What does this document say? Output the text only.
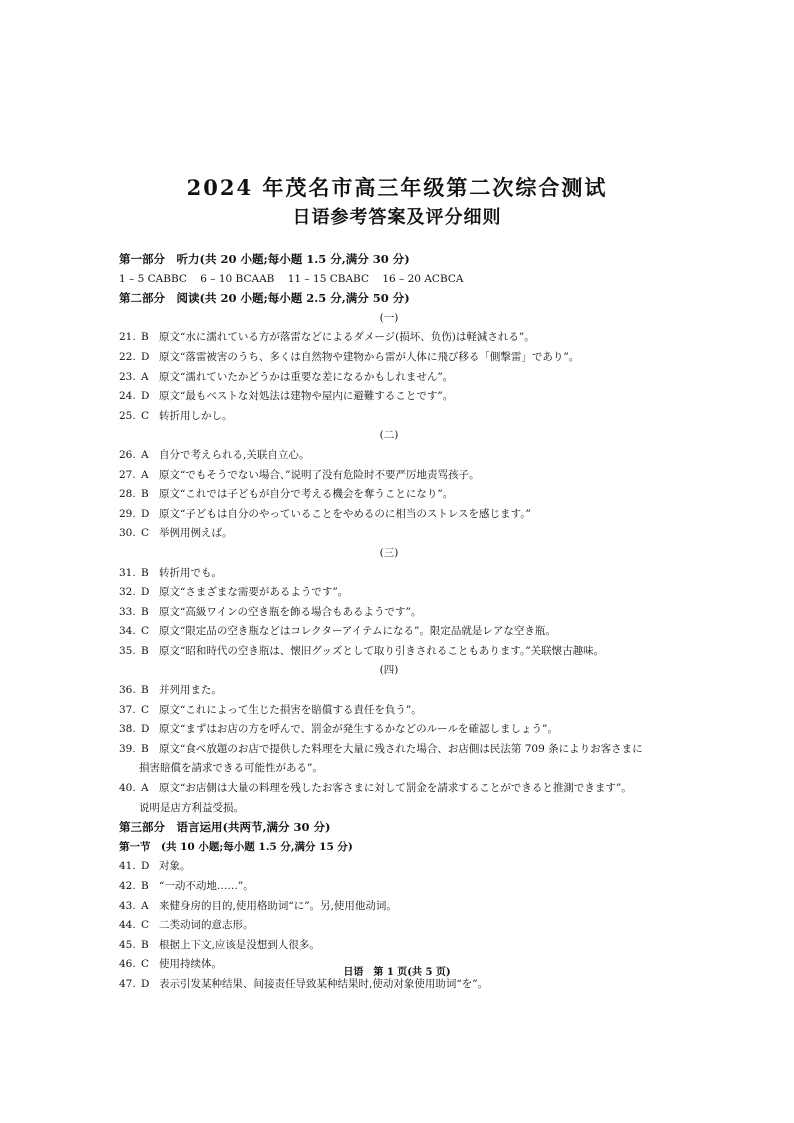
2024 年茂名市高三年级第二次综合测试
日语参考答案及评分细则
第一部分　听力(共 20 小题;每小题 1.5 分,满分 30 分)
1 – 5 CABBC 6 – 10 BCAAB 11 – 15 CBABC 16 – 20 ACBCA
第二部分　阅读(共 20 小题;每小题 2.5 分,满分 50 分)
(一)
21. B 原文“水に濡れている方が落雷などによるダメージ(损坏、负伤)は軽減される”。
22. D 原文“落雷被害のうち、多くは自然物や建物から雷が人体に飛び移る「側撃雷」であり”。
23. A 原文“濡れていたかどうかは重要な差になるかもしれません”。
24. D 原文“最もベストな対処法は建物や屋内に避難することです”。
25. C 转折用しかし。
(二)
26. A 自分で考えられる,关联自立心。
27. A 原文“でもそうでない場合、”说明了没有危险时不要严厉地责骂孩子。
28. B 原文“これでは子どもが自分で考える機会を奪うことになり”。
29. D 原文“子どもは自分のやっていることをやめるのに相当のストレスを感じます。”
30. C 举例用例えば。
(三)
31. B 转折用でも。
32. D 原文“さまざまな需要があるようです”。
33. B 原文“高級ワインの空き瓶を飾る場合もあるようです”。
34. C 原文“限定品の空き瓶などはコレクターアイテムになる”。限定品就是レアな空き瓶。
35. B 原文“昭和時代の空き瓶は、懐旧グッズとして取り引きされることもあります。”关联懐古趣味。
(四)
36. B 并列用また。
37. C 原文“これによって生じた損害を賠償する責任を負う”。
38. D 原文“まずはお店の方を呼んで、罰金が発生するかなどのルールを確認しましょう”。
39. B 原文“食べ放題のお店で提供した料理を大量に残された場合、お店側は民法第 709 条によりお客さまに
損害賠償を請求できる可能性がある”。
40. A 原文“お店側は大量の料理を残したお客さまに対して罰金を請求することができると推測できます”。
说明是店方利益受损。
第三部分　语言运用(共两节,满分 30 分)
第一节　(共 10 小题;每小题 1.5 分,满分 15 分)
41. D 对象。
42. B “一动不动地……”。
43. A 来健身房的目的,使用格助词“に”。另,使用他动词。
44. C 二类动词的意志形。
45. B 根据上下文,应该是没想到人很多。
46. C 使用持续体。
47. D 表示引发某种结果、间接责任导致某种结果时,使动对象使用助词“を”。
日语　第 1 页(共 5 页)
